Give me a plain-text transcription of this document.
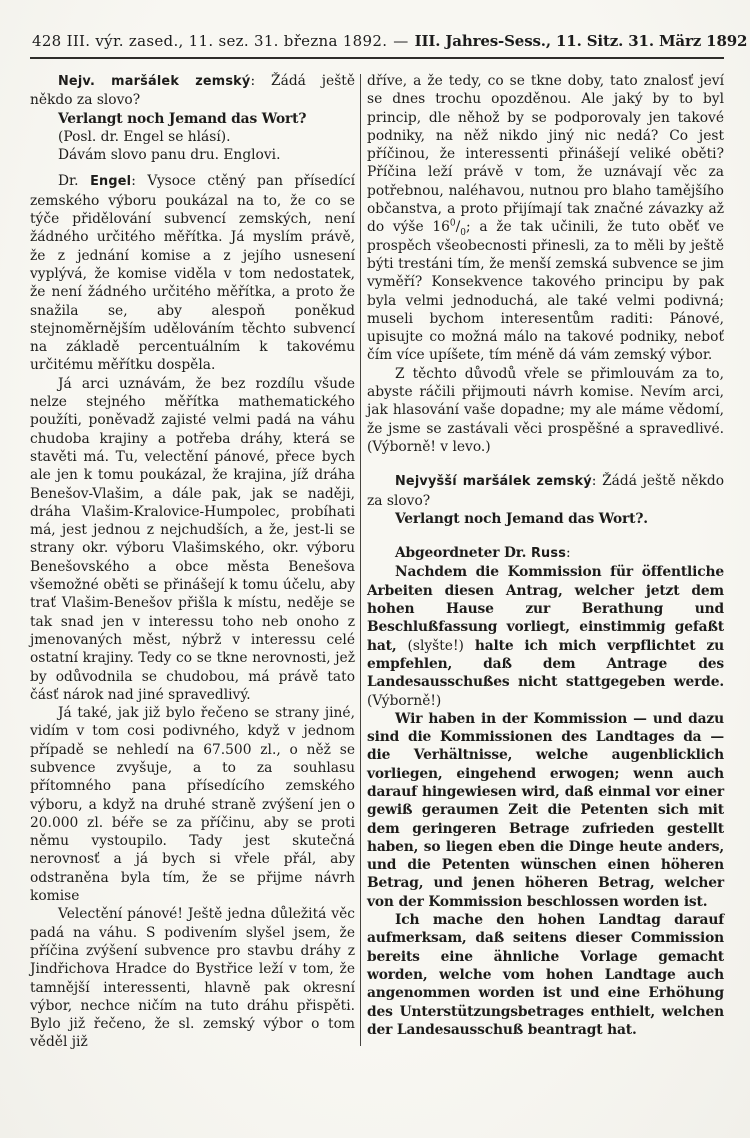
428 III. výr. zased., 11. sez. 31. března 1892. — III. Jahres-Sess., 11. Sitz. 31. März 1892

Nejv. maršálek zemský: Žádá ještě někdo za slovo?

Verlangt noch Jemand das Wort?

(Posl. dr. Engel se hlásí).

Dávám slovo panu dru. Englovi.

Dr. Engel: Vysoce ctěný pan přísedící zemského výboru poukázal na to, že co se týče přidělování subvencí zemských, není žádného určitého měřítka. Já myslím právě, že z jednání komise a z jejího usnesení vyplývá, že komise viděla v tom nedostatek, že není žádného určitého měřítka, a proto že snažila se, aby alespoň poněkud stejnoměrnějším udělováním těchto subvencí na základě percentuálním k takovému určitému měřítku dospěla.

Já arci uznávám, že bez rozdílu všude nelze stejného měřítka mathematického použíti, poněvadž zajisté velmi padá na váhu chudoba krajiny a potřeba dráhy, která se stavěti má. Tu, velectění pánové, přece bych ale jen k tomu poukázal, že krajina, jíž dráha Benešov-Vlašim, a dále pak, jak se naději, dráha Vlašim-Kralovice-Humpolec, probíhati má, jest jednou z nejchudších, a že, jest-li se strany okr. výboru Vlašimského, okr. výboru Benešovského a obce města Benešova všemožné oběti se přinášejí k tomu účelu, aby trať Vlašim-Benešov přišla k místu, neděje se tak snad jen v interessu toho neb onoho z jmenovaných měst, nýbrž v interessu celé ostatní krajiny. Tedy co se tkne nerovnosti, jež by odůvodnila se chudobou, má právě tato čásť nárok nad jiné spravedlivý.

Já také, jak již bylo řečeno se strany jiné, vidím v tom cosi podivného, když v jednom případě se nehledí na 67.500 zl., o něž se subvence zvyšuje, a to za souhlasu přítomného pana přísedícího zemského výboru, a když na druhé straně zvýšení jen o 20.000 zl. béře se za příčinu, aby se proti němu vystoupilo. Tady jest skutečná nerovnosť a já bych si vřele přál, aby odstraněna byla tím, že se přijme návrh komise

Velectění pánové! Ještě jedna důležitá věc padá na váhu. S podivením slyšel jsem, že příčina zvýšení subvence pro stavbu dráhy z Jindřichova Hradce do Bystřice leží v tom, že tamnější interessenti, hlavně pak okresní výbor, nechce ničím na tuto dráhu přispěti. Bylo již řečeno, že sl. zemský výbor o tom věděl již

dříve, a že tedy, co se tkne doby, tato znalosť jeví se dnes trochu opozděnou. Ale jaký by to byl princip, dle něhož by se podporovaly jen takové podniky, na něž nikdo jiný nic nedá? Co jest příčinou, že interessenti přinášejí veliké oběti? Příčina leží právě v tom, že uznávají věc za potřebnou, naléhavou, nutnou pro blaho tamějšího občanstva, a proto přijímají tak značné závazky až do výše $16^0/_0$; a že tak učinili, že tuto oběť ve prospěch všeobecnosti přinesli, za to měli by ještě býti trestáni tím, že menší zemská subvence se jim vyměří? Konsekvence takového principu by pak byla velmi jednoduchá, ale také velmi podivná; museli bychom interesentům raditi: Pánové, upisujte co možná málo na takové podniky, neboť čím více upíšete, tím méně dá vám zemský výbor.

Z těchto důvodů vřele se přimlouvám za to, abyste ráčili přijmouti návrh komise. Nevím arci, jak hlasování vaše dopadne; my ale máme vědomí, že jsme se zastávali věci prospěšné a spravedlivé. (Výborně! v levo.)

Nejvyšší maršálek zemský: Žádá ještě někdo za slovo?

Verlangt noch Jemand das Wort?.

Abgeordneter Dr. Russ:

Nachdem die Kommission für öffentliche Arbeiten diesen Antrag, welcher jetzt dem hohen Hause zur Berathung und Beschlußfassung vorliegt, einstimmig gefaßt hat, (slyšte!) halte ich mich verpflichtet zu empfehlen, daß dem Antrage des Landesausschußes nicht stattgegeben werde. (Výborně!)

Wir haben in der Kommission — und dazu sind die Kommissionen des Landtages da — die Verhältnisse, welche augenblicklich vorliegen, eingehend erwogen; wenn auch darauf hingewiesen wird, daß einmal vor einer gewiß geraumen Zeit die Petenten sich mit dem geringeren Betrage zufrieden gestellt haben, so liegen eben die Dinge heute anders, und die Petenten wünschen einen höheren Betrag, und jenen höheren Betrag, welcher von der Kommission beschlossen worden ist.

Ich mache den hohen Landtag darauf aufmerksam, daß seitens dieser Commission bereits eine ähnliche Vorlage gemacht worden, welche vom hohen Landtage auch angenommen worden ist und eine Erhöhung des Unterstützungsbetrages enthielt, welchen der Landesausschuß beantragt hat.
